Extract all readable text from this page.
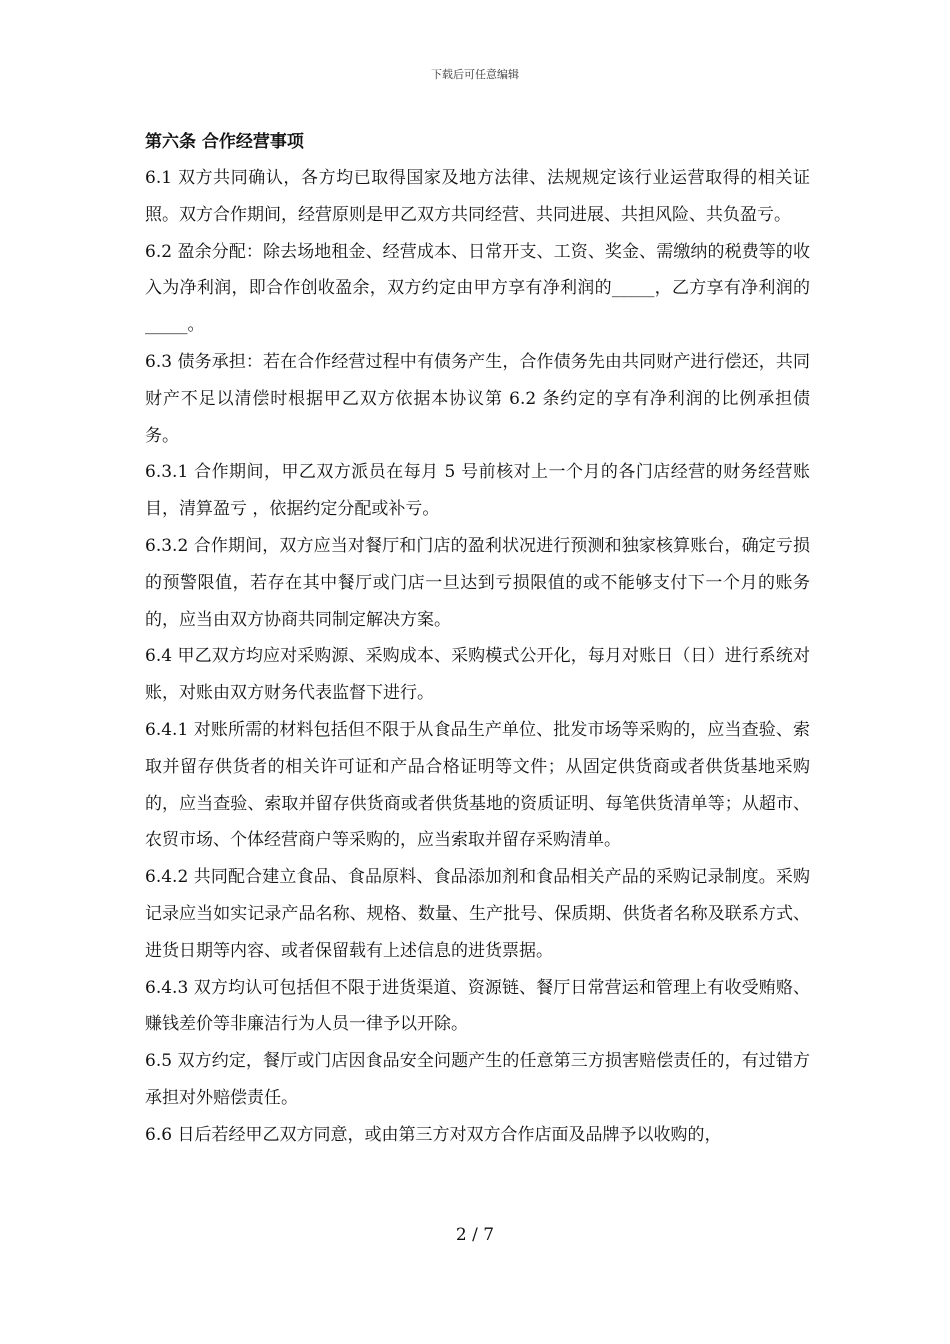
下载后可任意编辑
第六条 合作经营事项

6.1 双方共同确认，各方均已取得国家及地方法律、法规规定该行业运营取得的相关证照。双方合作期间，经营原则是甲乙双方共同经营、共同进展、共担风险、共负盈亏。

6.2 盈余分配：除去场地租金、经营成本、日常开支、工资、奖金、需缴纳的税费等的收入为净利润，即合作创收盈余，双方约定由甲方享有净利润的_____，乙方享有净利润的_____。

6.3 债务承担：若在合作经营过程中有债务产生，合作债务先由共同财产进行偿还，共同财产不足以清偿时根据甲乙双方依据本协议第 6.2 条约定的享有净利润的比例承担债务。

6.3.1 合作期间，甲乙双方派员在每月 5 号前核对上一个月的各门店经营的财务经营账目，清算盈亏 ，依据约定分配或补亏。

6.3.2 合作期间，双方应当对餐厅和门店的盈利状况进行预测和独家核算账台，确定亏损的预警限值，若存在其中餐厅或门店一旦达到亏损限值的或不能够支付下一个月的账务的，应当由双方协商共同制定解决方案。

6.4 甲乙双方均应对采购源、采购成本、采购模式公开化，每月对账日（日）进行系统对账，对账由双方财务代表监督下进行。

6.4.1 对账所需的材料包括但不限于从食品生产单位、批发市场等采购的，应当查验、索取并留存供货者的相关许可证和产品合格证明等文件；从固定供货商或者供货基地采购的，应当查验、索取并留存供货商或者供货基地的资质证明、每笔供货清单等；从超市、农贸市场、个体经营商户等采购的，应当索取并留存采购清单。

6.4.2 共同配合建立食品、食品原料、食品添加剂和食品相关产品的采购记录制度。采购记录应当如实记录产品名称、规格、数量、生产批号、保质期、供货者名称及联系方式、进货日期等内容、或者保留载有上述信息的进货票据。

6.4.3 双方均认可包括但不限于进货渠道、资源链、餐厅日常营运和管理上有收受贿赂、赚钱差价等非廉洁行为人员一律予以开除。

6.5 双方约定，餐厅或门店因食品安全问题产生的任意第三方损害赔偿责任的，有过错方承担对外赔偿责任。

6.6 日后若经甲乙双方同意，或由第三方对双方合作店面及品牌予以收购的，

2 / 7
